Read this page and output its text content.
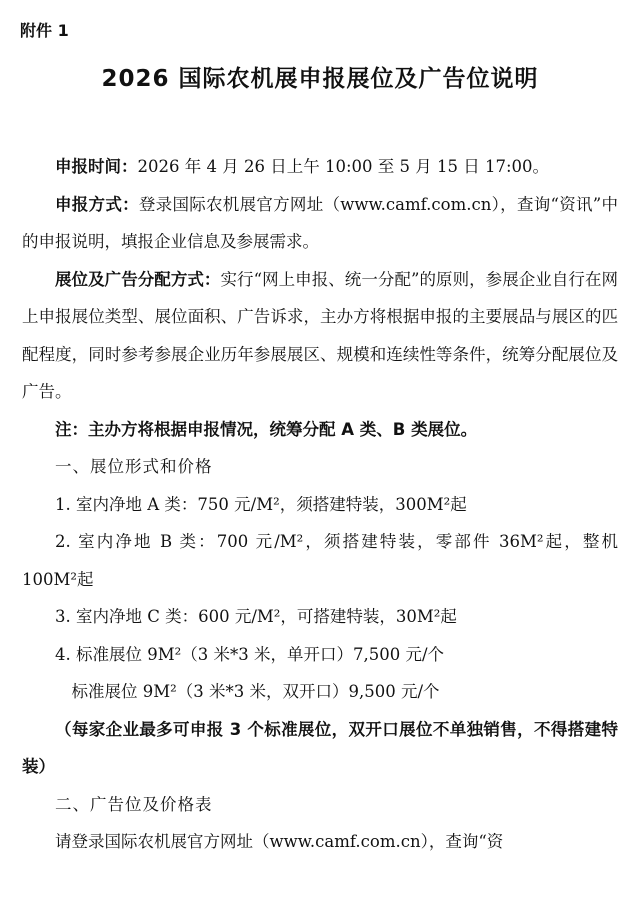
附件 1
2026 国际农机展申报展位及广告位说明

申报时间：2026 年 4 月 26 日上午 10:00 至 5 月 15 日 17:00。

申报方式：登录国际农机展官方网址（www.camf.com.cn），查询“资讯”中的申报说明，填报企业信息及参展需求。

展位及广告分配方式：实行“网上申报、统一分配”的原则，参展企业自行在网上申报展位类型、展位面积、广告诉求，主办方将根据申报的主要展品与展区的匹配程度，同时参考参展企业历年参展展区、规模和连续性等条件，统筹分配展位及广告。

注：主办方将根据申报情况，统筹分配 A 类、B 类展位。

一、展位形式和价格

1. 室内净地 A 类：750 元/M²，须搭建特装，300M²起

2. 室内净地 B 类：700 元/M²，须搭建特装，零部件 36M²起，整机 100M²起

3. 室内净地 C 类：600 元/M²，可搭建特装，30M²起

4. 标准展位 9M²（3 米*3 米，单开口）7,500 元/个

标准展位 9M²（3 米*3 米，双开口）9,500 元/个

（每家企业最多可申报 3 个标准展位，双开口展位不单独销售，不得搭建特装）

二、广告位及价格表

请登录国际农机展官方网址（www.camf.com.cn），查询“资
